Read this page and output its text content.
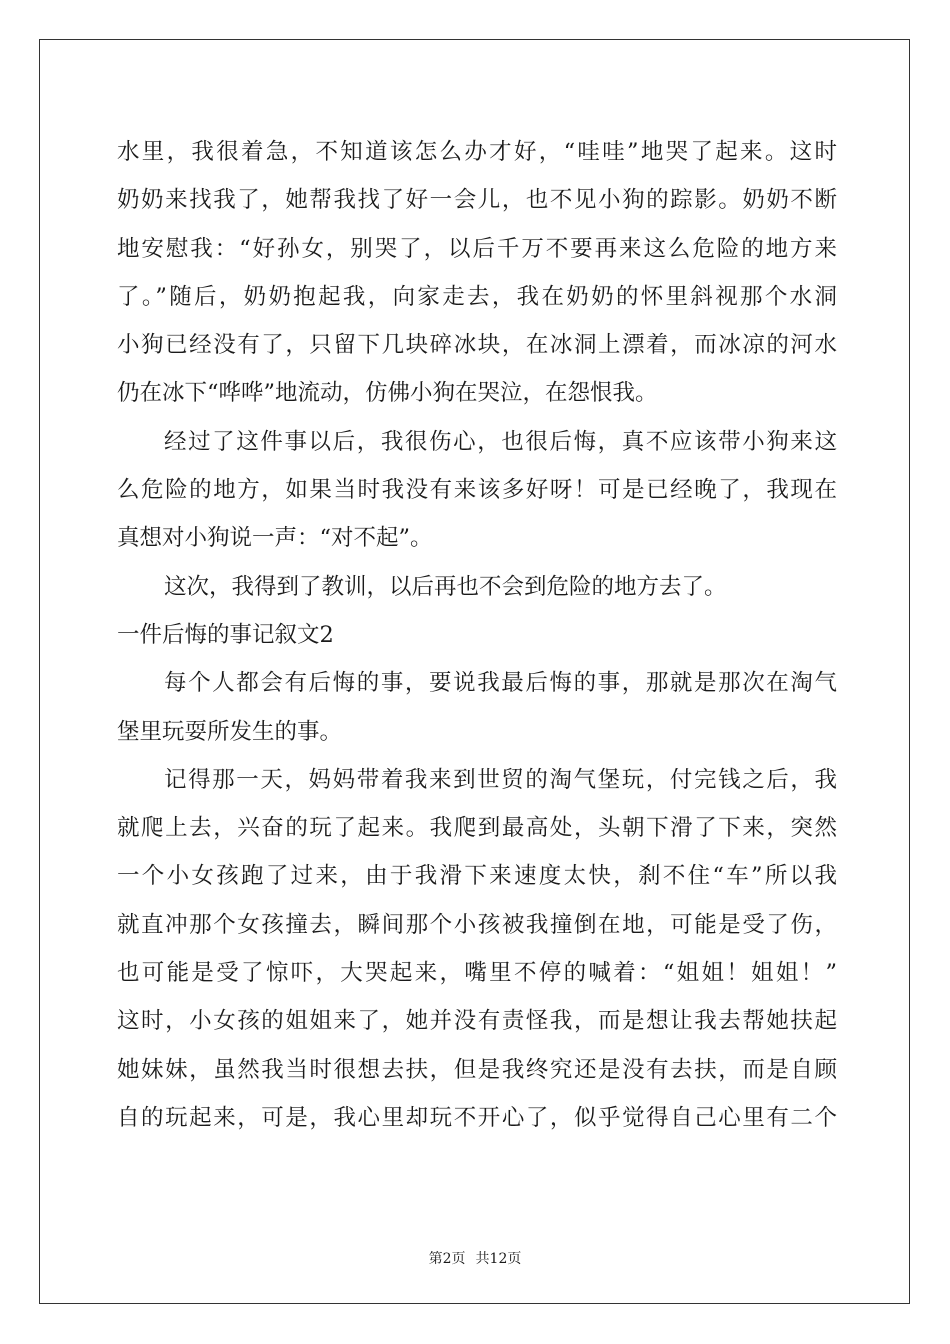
水里，我很着急，不知道该怎么办才好，“哇哇”地哭了起来。这时
奶奶来找我了，她帮我找了好一会儿，也不见小狗的踪影。奶奶不断
地安慰我：“好孙女，别哭了，以后千万不要再来这么危险的地方来
了。”随后，奶奶抱起我，向家走去，我在奶奶的怀里斜视那个水洞
小狗已经没有了，只留下几块碎冰块，在冰洞上漂着，而冰凉的河水
仍在冰下“哗哗”地流动，仿佛小狗在哭泣，在怨恨我。
经过了这件事以后，我很伤心，也很后悔，真不应该带小狗来这
么危险的地方，如果当时我没有来该多好呀！可是已经晚了，我现在
真想对小狗说一声：“对不起”。
这次，我得到了教训，以后再也不会到危险的地方去了。
一件后悔的事记叙文2
每个人都会有后悔的事，要说我最后悔的事，那就是那次在淘气
堡里玩耍所发生的事。
记得那一天，妈妈带着我来到世贸的淘气堡玩，付完钱之后，我
就爬上去，兴奋的玩了起来。我爬到最高处，头朝下滑了下来，突然
一个小女孩跑了过来，由于我滑下来速度太快，刹不住“车”所以我
就直冲那个女孩撞去，瞬间那个小孩被我撞倒在地，可能是受了伤，
也可能是受了惊吓，大哭起来，嘴里不停的喊着：“姐姐！姐姐！”
这时，小女孩的姐姐来了，她并没有责怪我，而是想让我去帮她扶起
她妹妹，虽然我当时很想去扶，但是我终究还是没有去扶，而是自顾
自的玩起来，可是，我心里却玩不开心了，似乎觉得自己心里有二个
第2页 共12页
